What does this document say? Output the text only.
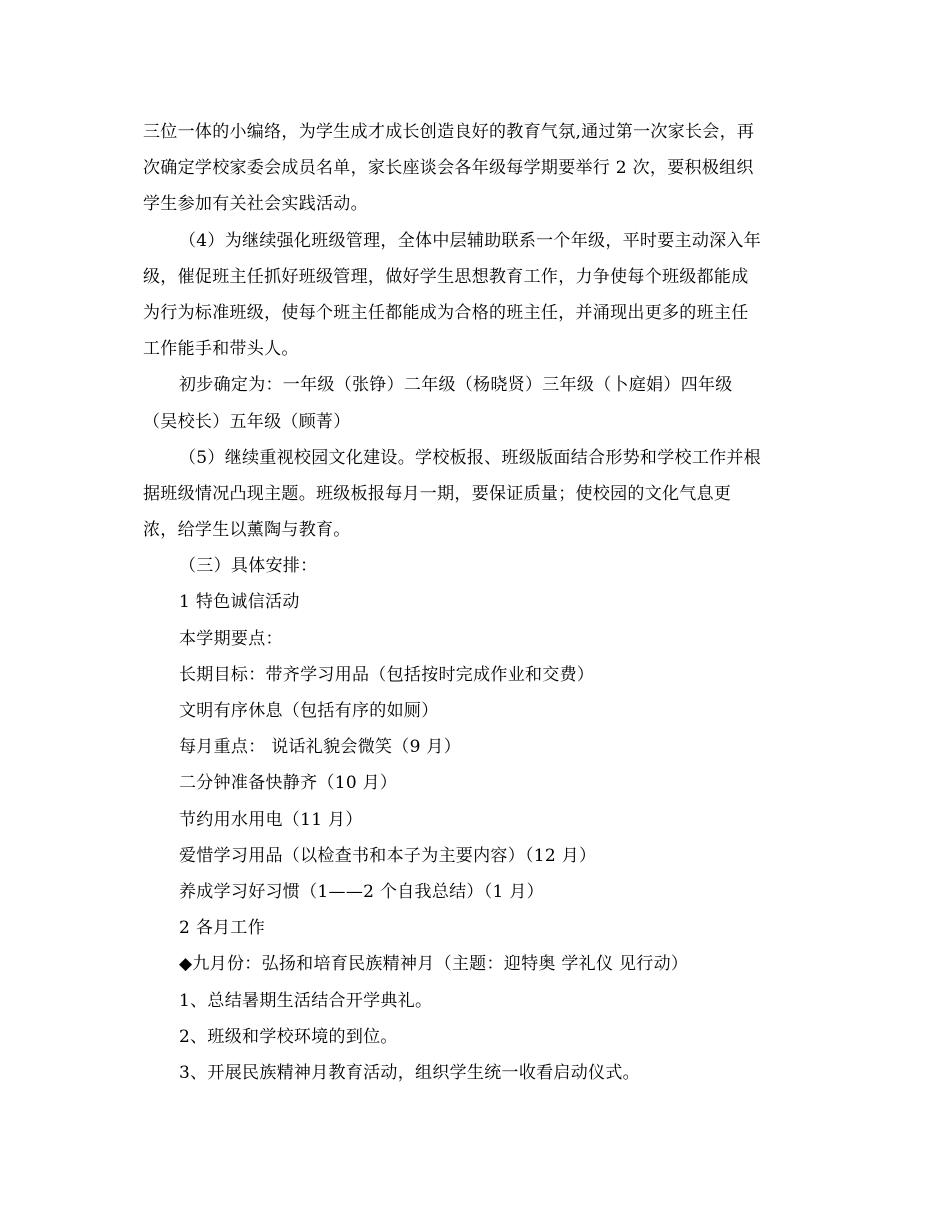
三位一体的小编络，为学生成才成长创造良好的教育气氛,通过第一次家长会，再
次确定学校家委会成员名单，家长座谈会各年级每学期要举行 2 次，要积极组织
学生参加有关社会实践活动。
（4）为继续强化班级管理，全体中层辅助联系一个年级，平时要主动深入年
级，催促班主任抓好班级管理，做好学生思想教育工作，力争使每个班级都能成
为行为标准班级，使每个班主任都能成为合格的班主任，并涌现出更多的班主任
工作能手和带头人。
初步确定为：一年级（张铮）二年级（杨晓贤）三年级（卜庭娟）四年级
（吴校长）五年级（顾菁）
（5）继续重视校园文化建设。学校板报、班级版面结合形势和学校工作并根
据班级情况凸现主题。班级板报每月一期，要保证质量；使校园的文化气息更
浓，给学生以薰陶与教育。
（三）具体安排：
1 特色诚信活动
本学期要点：
长期目标：带齐学习用品（包括按时完成作业和交费）
文明有序休息（包括有序的如厕）
每月重点： 说话礼貌会微笑（9 月）
二分钟准备快静齐（10 月）
节约用水用电（11 月）
爱惜学习用品（以检查书和本子为主要内容）（12 月）
养成学习好习惯（1——2 个自我总结）（1 月）
2 各月工作
◆九月份：弘扬和培育民族精神月（主题：迎特奥 学礼仪 见行动）
1、总结暑期生活结合开学典礼。
2、班级和学校环境的到位。
3、开展民族精神月教育活动，组织学生统一收看启动仪式。
